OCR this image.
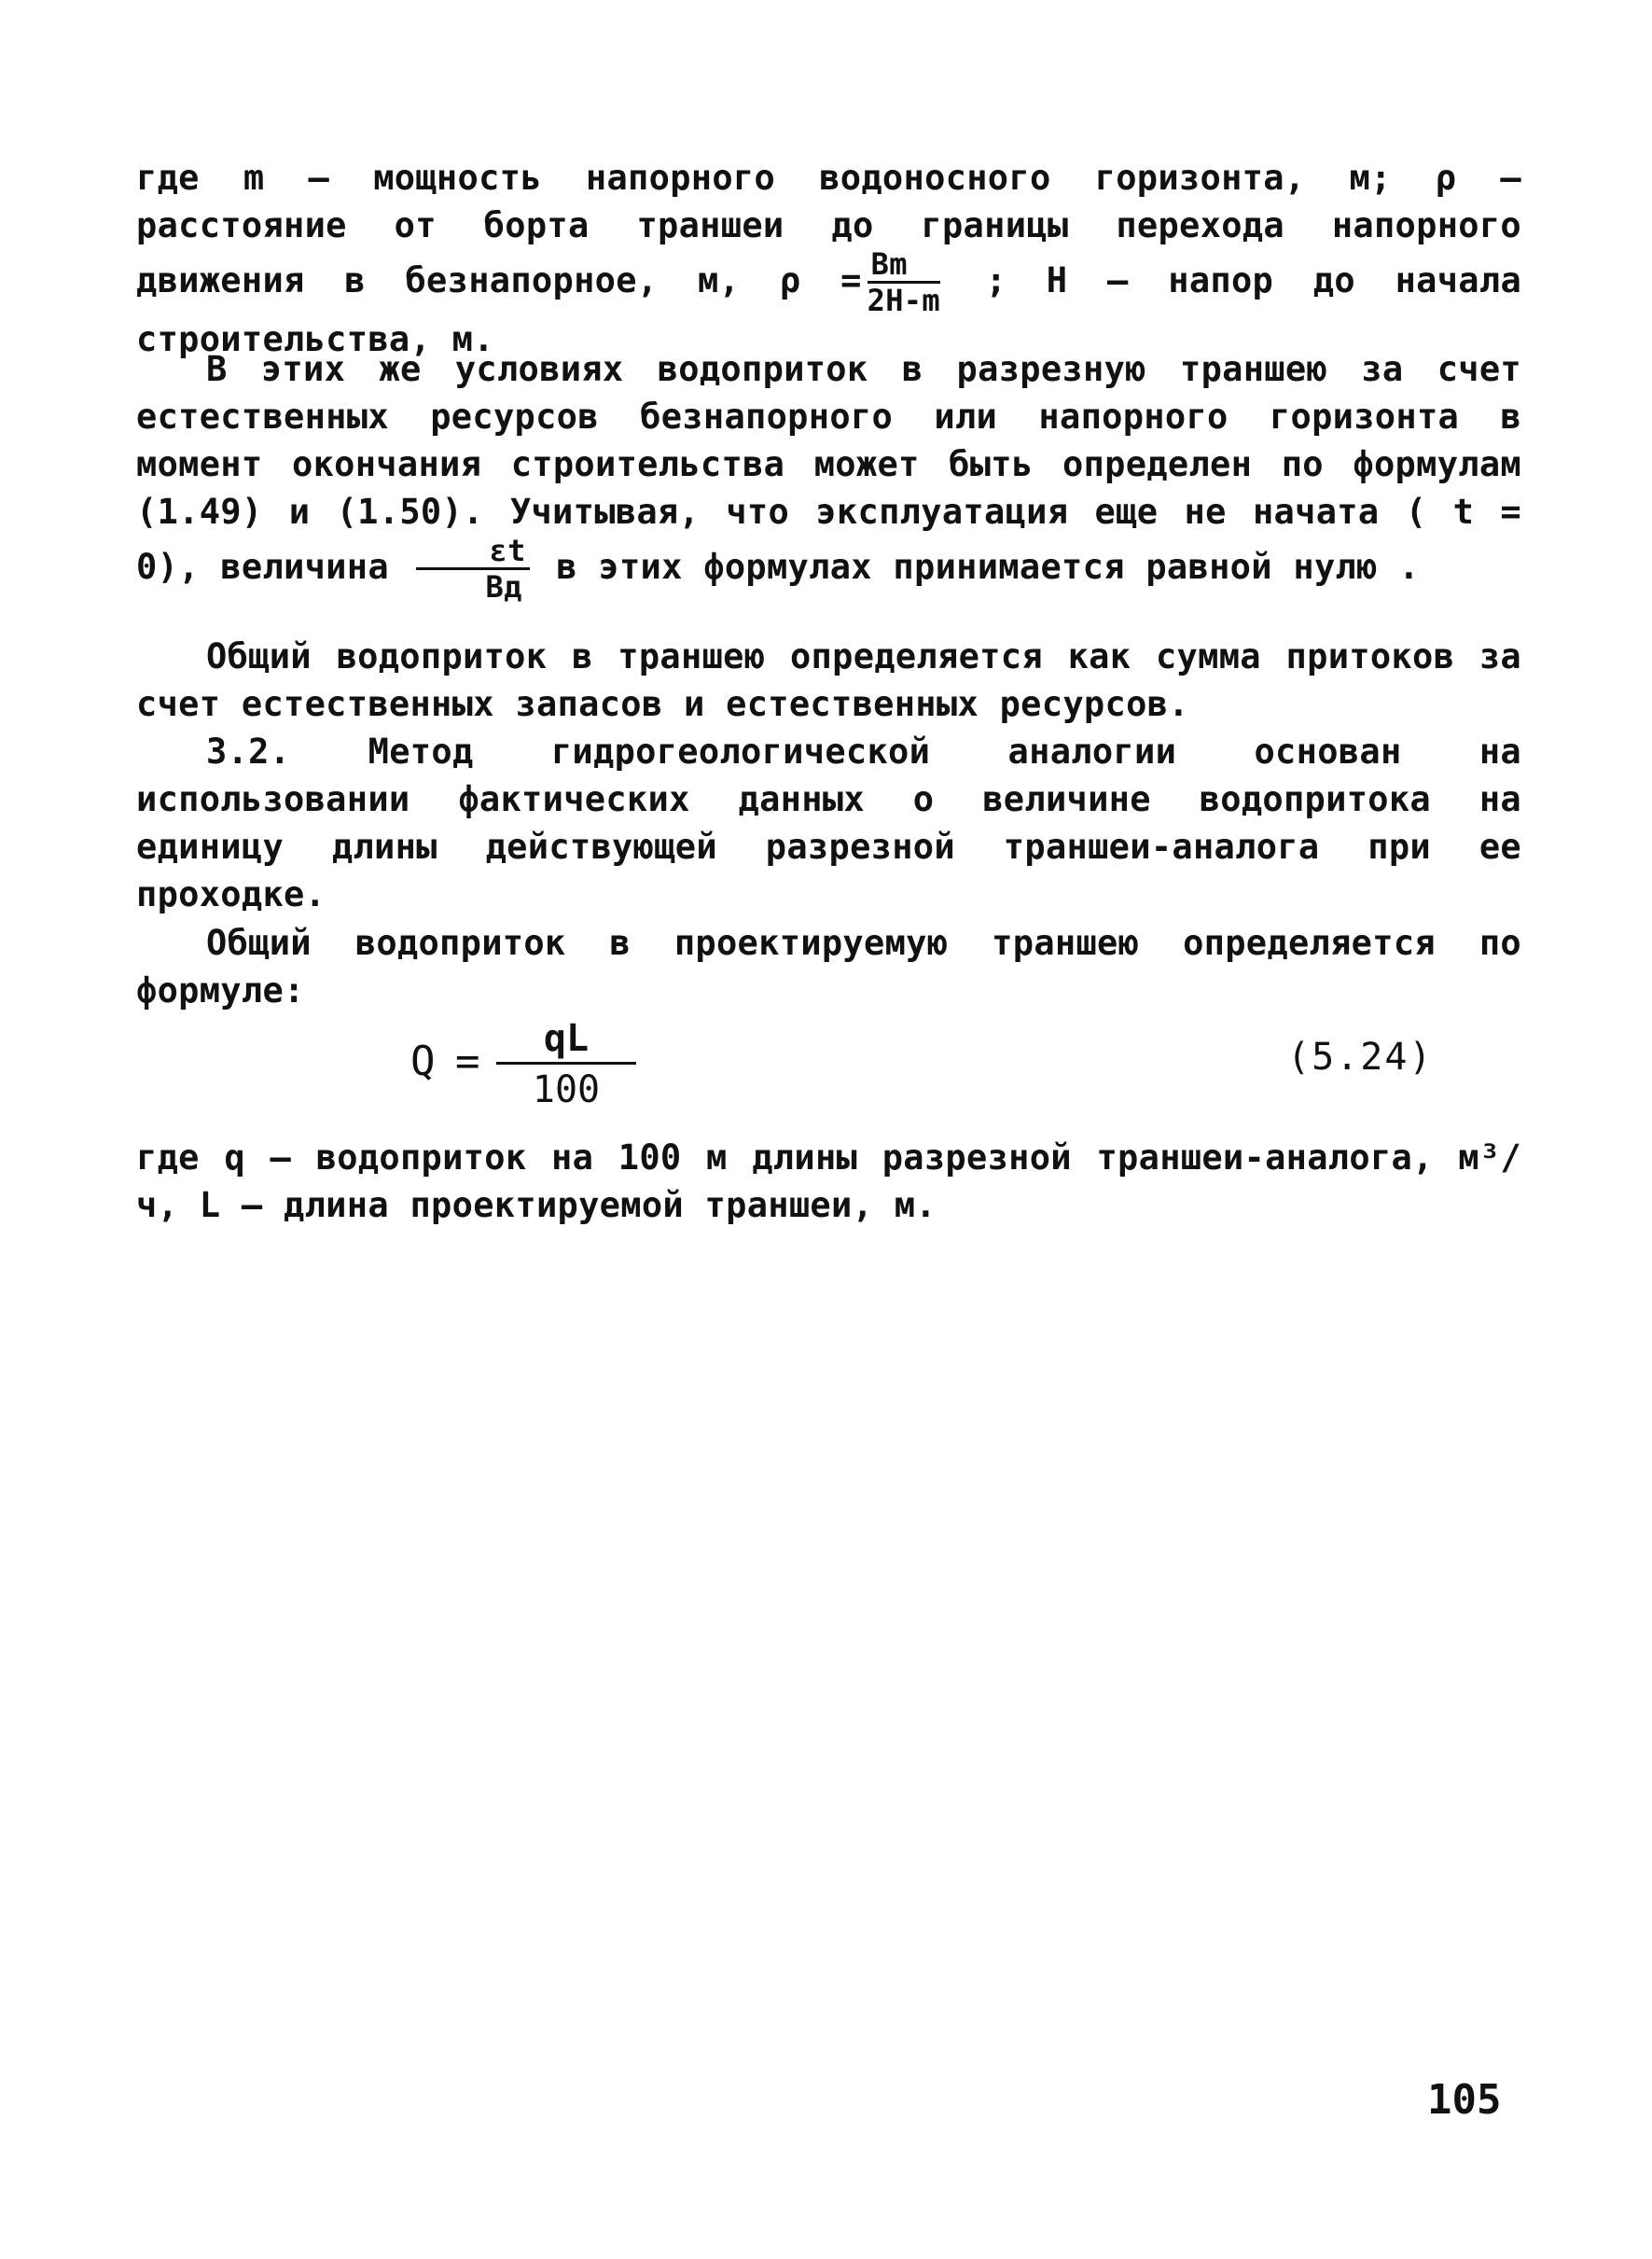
где m – мощность напорного водоносного горизонта, м; ρ –расстояние от борта траншеи до границы перехода напорного движения в безнапорное, м, $\rho = \frac{Bm}{2H-m}$ ; Н – напор до начала строительства, м.
В этих же условиях водоприток в разрезную траншею за счет естественных ресурсов безнапорного или напорного горизонта в момент окончания строительства может быть определен по формулам (1.49) и (1.50). Учитывая, что эксплуатация еще не начата ( t = 0), величина $\frac{\varepsilon t}{Bд}$ в этих формулах принимается равной нулю .
Общий водоприток в траншею определяется как сумма притоков за счет естественных запасов и естественных ресурсов.
3.2. Метод гидрогеологической аналогии основан на использовании фактических данных о величине водопритока на единицу длины действующей разрезной траншеи-аналога при ее проходке.
Общий водоприток в проектируемую траншею определяется по формуле:
$Q = \frac{qL}{100}$	(5.24)
где q – водоприток на 100 м длины разрезной траншеи-аналога, м³/ч, L – длина проектируемой траншеи, м.
105
